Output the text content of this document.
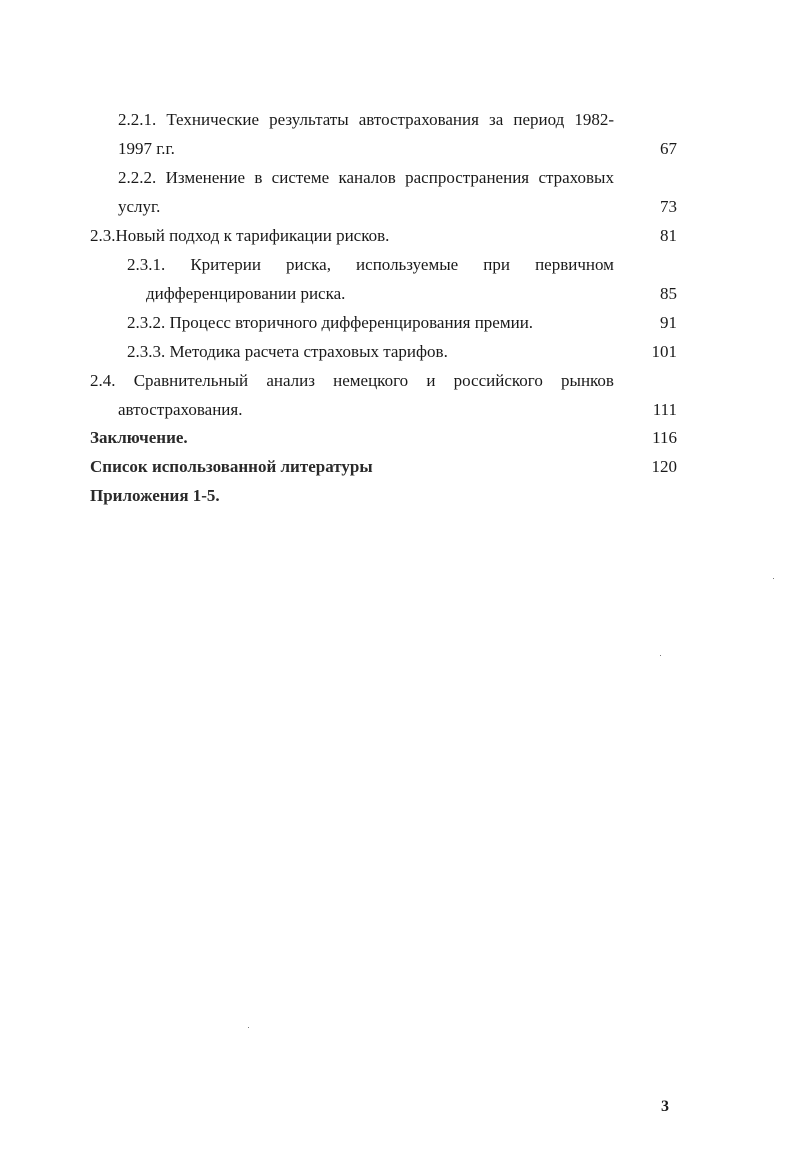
2.2.1. Технические результаты автострахования за период 1982-
1997 г.г.	67
2.2.2. Изменение в системе каналов распространения страховых
услуг.	73
2.3.Новый подход к тарификации рисков.	81
2.3.1. Критерии риска, используемые при первичном
дифференцировании риска.	85
2.3.2. Процесс вторичного дифференцирования премии.	91
2.3.3. Методика расчета страховых тарифов.	101
2.4. Сравнительный анализ немецкого и российского рынков
автострахования.	111
Заключение.	116
Список использованной литературы	120
Приложения 1-5.
3
